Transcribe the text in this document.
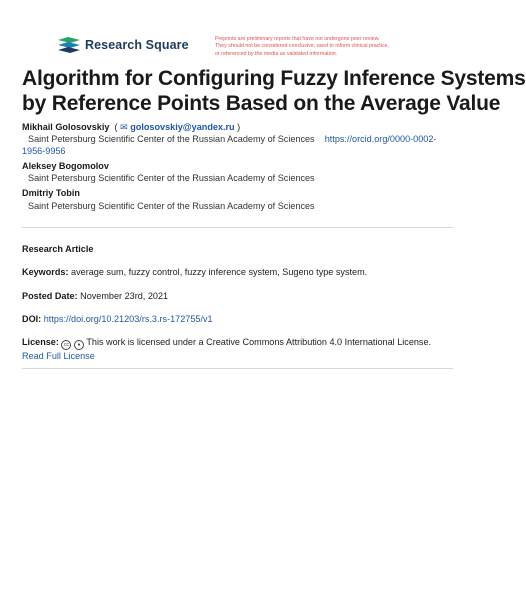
Research Square	Preprints are preliminary reports that have not undergone peer review.
They should not be considered conclusive, used to inform clinical practice,
or referenced by the media as validated information.
Algorithm for Configuring Fuzzy Inference Systems
by Reference Points Based on the Average Value
Mikhail Golosovskiy  ( ✉ golosovskiy@yandex.ru )
Saint Petersburg Scientific Center of the Russian Academy of Sciences https://orcid.org/0000-0002-
1956-9956
Aleksey Bogomolov
Saint Petersburg Scientific Center of the Russian Academy of Sciences
Dmitriy Tobin
Saint Petersburg Scientific Center of the Russian Academy of Sciences
Research Article
Keywords: average sum, fuzzy control, fuzzy inference system, Sugeno type system.
Posted Date: November 23rd, 2021
DOI: https://doi.org/10.21203/rs.3.rs-172755/v1
License: cc ● This work is licensed under a Creative Commons Attribution 4.0 International License.
Read Full License
